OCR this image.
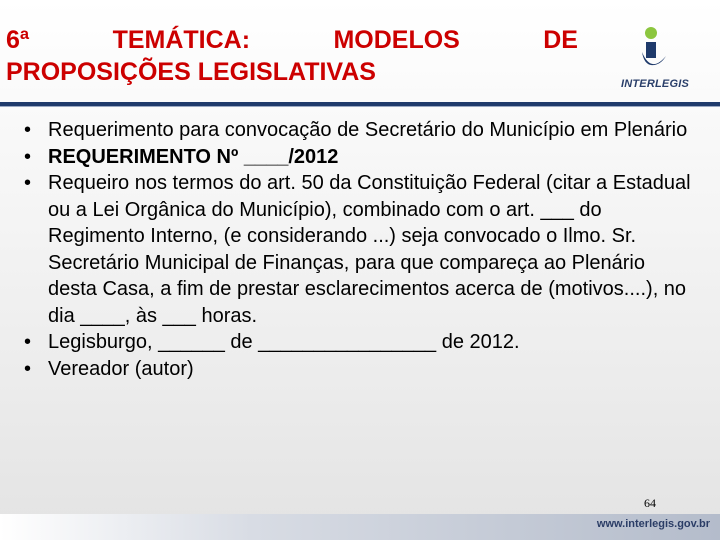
6ª	TEMÁTICA:	MODELOS	DE
PROPOSIÇÕES LEGISLATIVAS	INTERLEGIS
• Requerimento para convocação de Secretário do Município em Plenário
• REQUERIMENTO Nº ____/2012
• Requeiro nos termos do art. 50 da Constituição Federal (citar a Estadual ou a Lei Orgânica do Município), combinado com o art. ___ do Regimento Interno, (e considerando ...) seja convocado o Ilmo. Sr. Secretário Municipal de Finanças, para que compareça ao Plenário desta Casa, a fim de prestar esclarecimentos acerca de (motivos....), no dia ____, às ___ horas.
• Legisburgo, ______ de ________________ de 2012.
• Vereador (autor)
64
www.interlegis.gov.br
